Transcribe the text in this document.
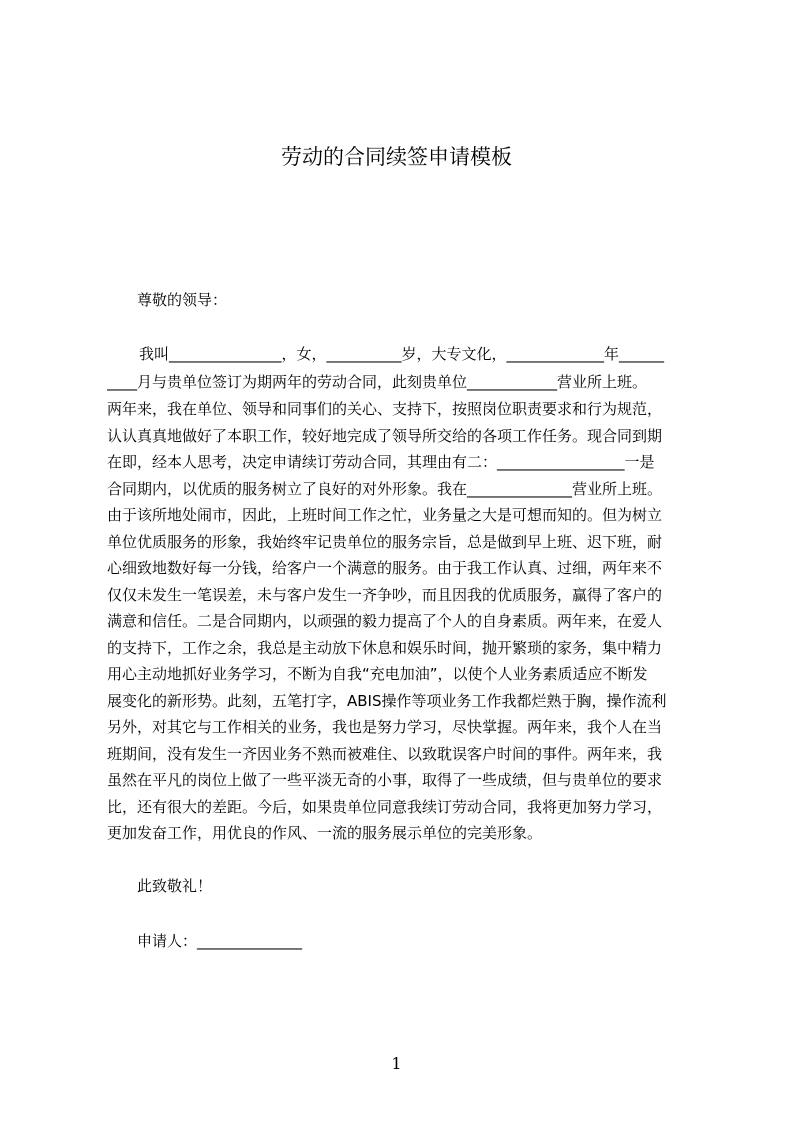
劳动的合同续签申请模板
尊敬的领导：
我叫_______________，女，__________岁，大专文化，_____________年______
____月与贵单位签订为期两年的劳动合同，此刻贵单位____________营业所上班。
两年来，我在单位、领导和同事们的关心、支持下，按照岗位职责要求和行为规范，
认认真真地做好了本职工作，较好地完成了领导所交给的各项工作任务。现合同到期
在即，经本人思考，决定申请续订劳动合同，其理由有二：_________________一是
合同期内，以优质的服务树立了良好的对外形象。我在______________营业所上班。
由于该所地处闹市，因此，上班时间工作之忙，业务量之大是可想而知的。但为树立
单位优质服务的形象，我始终牢记贵单位的服务宗旨，总是做到早上班、迟下班，耐
心细致地数好每一分钱，给客户一个满意的服务。由于我工作认真、过细，两年来不
仅仅未发生一笔误差，未与客户发生一齐争吵，而且因我的优质服务，赢得了客户的
满意和信任。二是合同期内，以顽强的毅力提高了个人的自身素质。两年来，在爱人
的支持下，工作之余，我总是主动放下休息和娱乐时间，抛开繁琐的家务，集中精力
用心主动地抓好业务学习，不断为自我“充电加油”，以使个人业务素质适应不断发
展变化的新形势。此刻，五笔打字，ABIS操作等项业务工作我都烂熟于胸，操作流利
另外，对其它与工作相关的业务，我也是努力学习，尽快掌握。两年来，我个人在当
班期间，没有发生一齐因业务不熟而被难住、以致耽误客户时间的事件。两年来，我
虽然在平凡的岗位上做了一些平淡无奇的小事，取得了一些成绩，但与贵单位的要求
比，还有很大的差距。今后，如果贵单位同意我续订劳动合同，我将更加努力学习，
更加发奋工作，用优良的作风、一流的服务展示单位的完美形象。
此致敬礼！
申请人：______________
1
